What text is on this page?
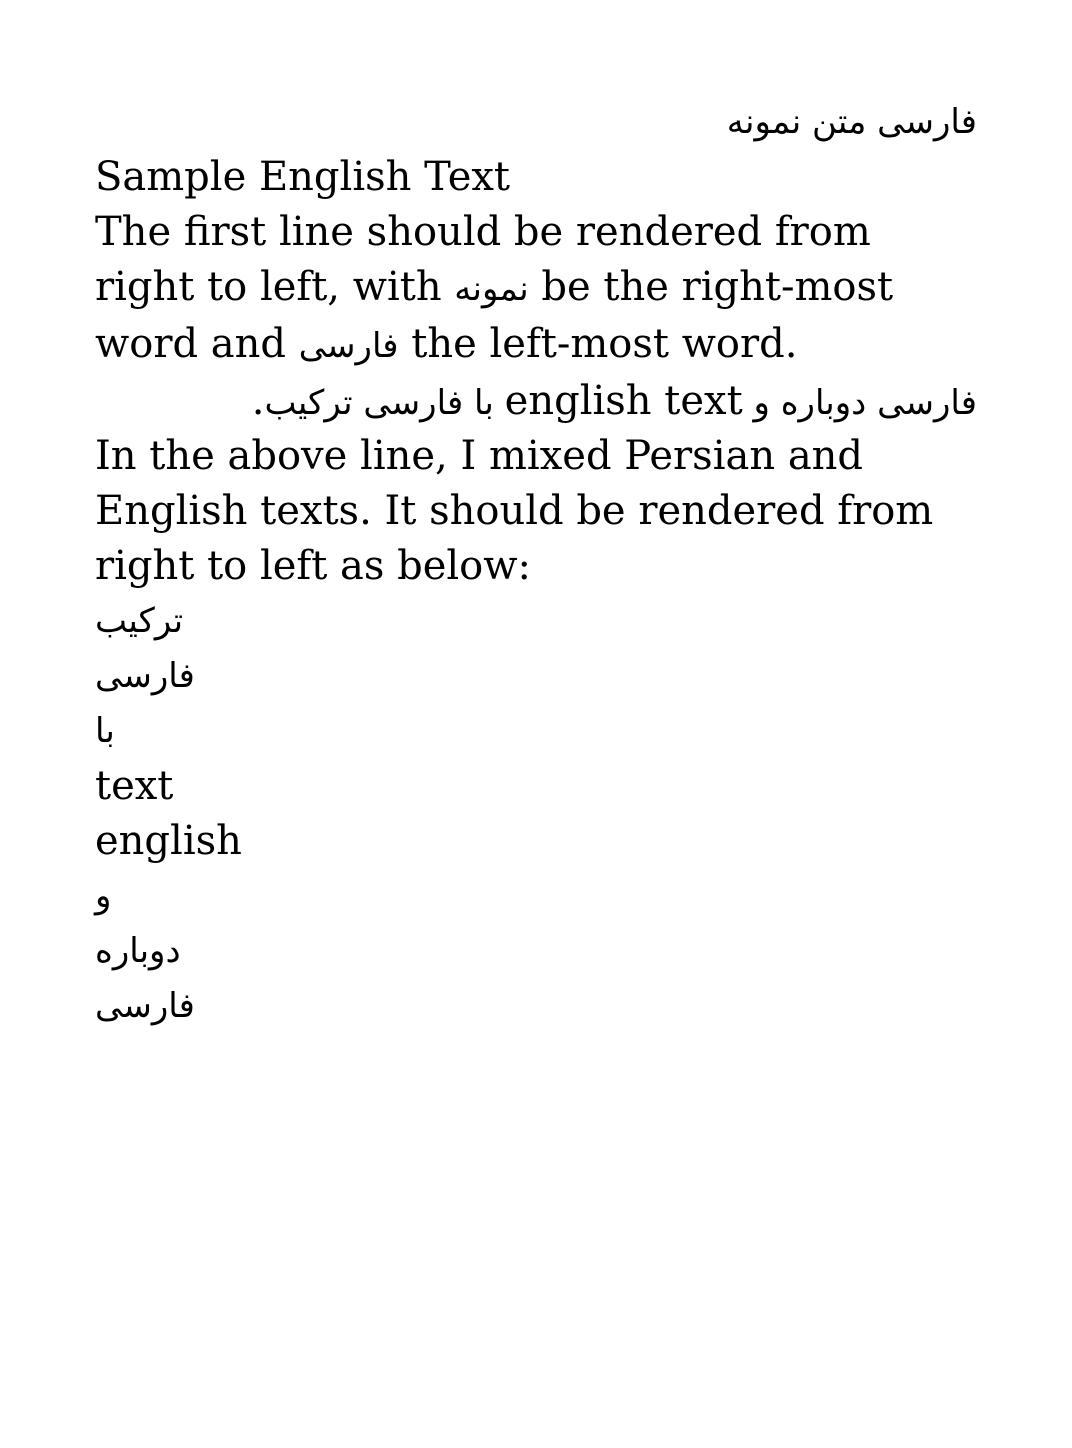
فارسی متن نمونه

Sample English Text

The first line should be rendered from right to left, with نمونه be the right-most word and فارسی the left-most word.

فارسی دوباره و english text با فارسی ترکیب.

In the above line, I mixed Persian and English texts. It should be rendered from right to left as below:

ترکیب

فارسی

با

text

english

و

دوباره

فارسی
